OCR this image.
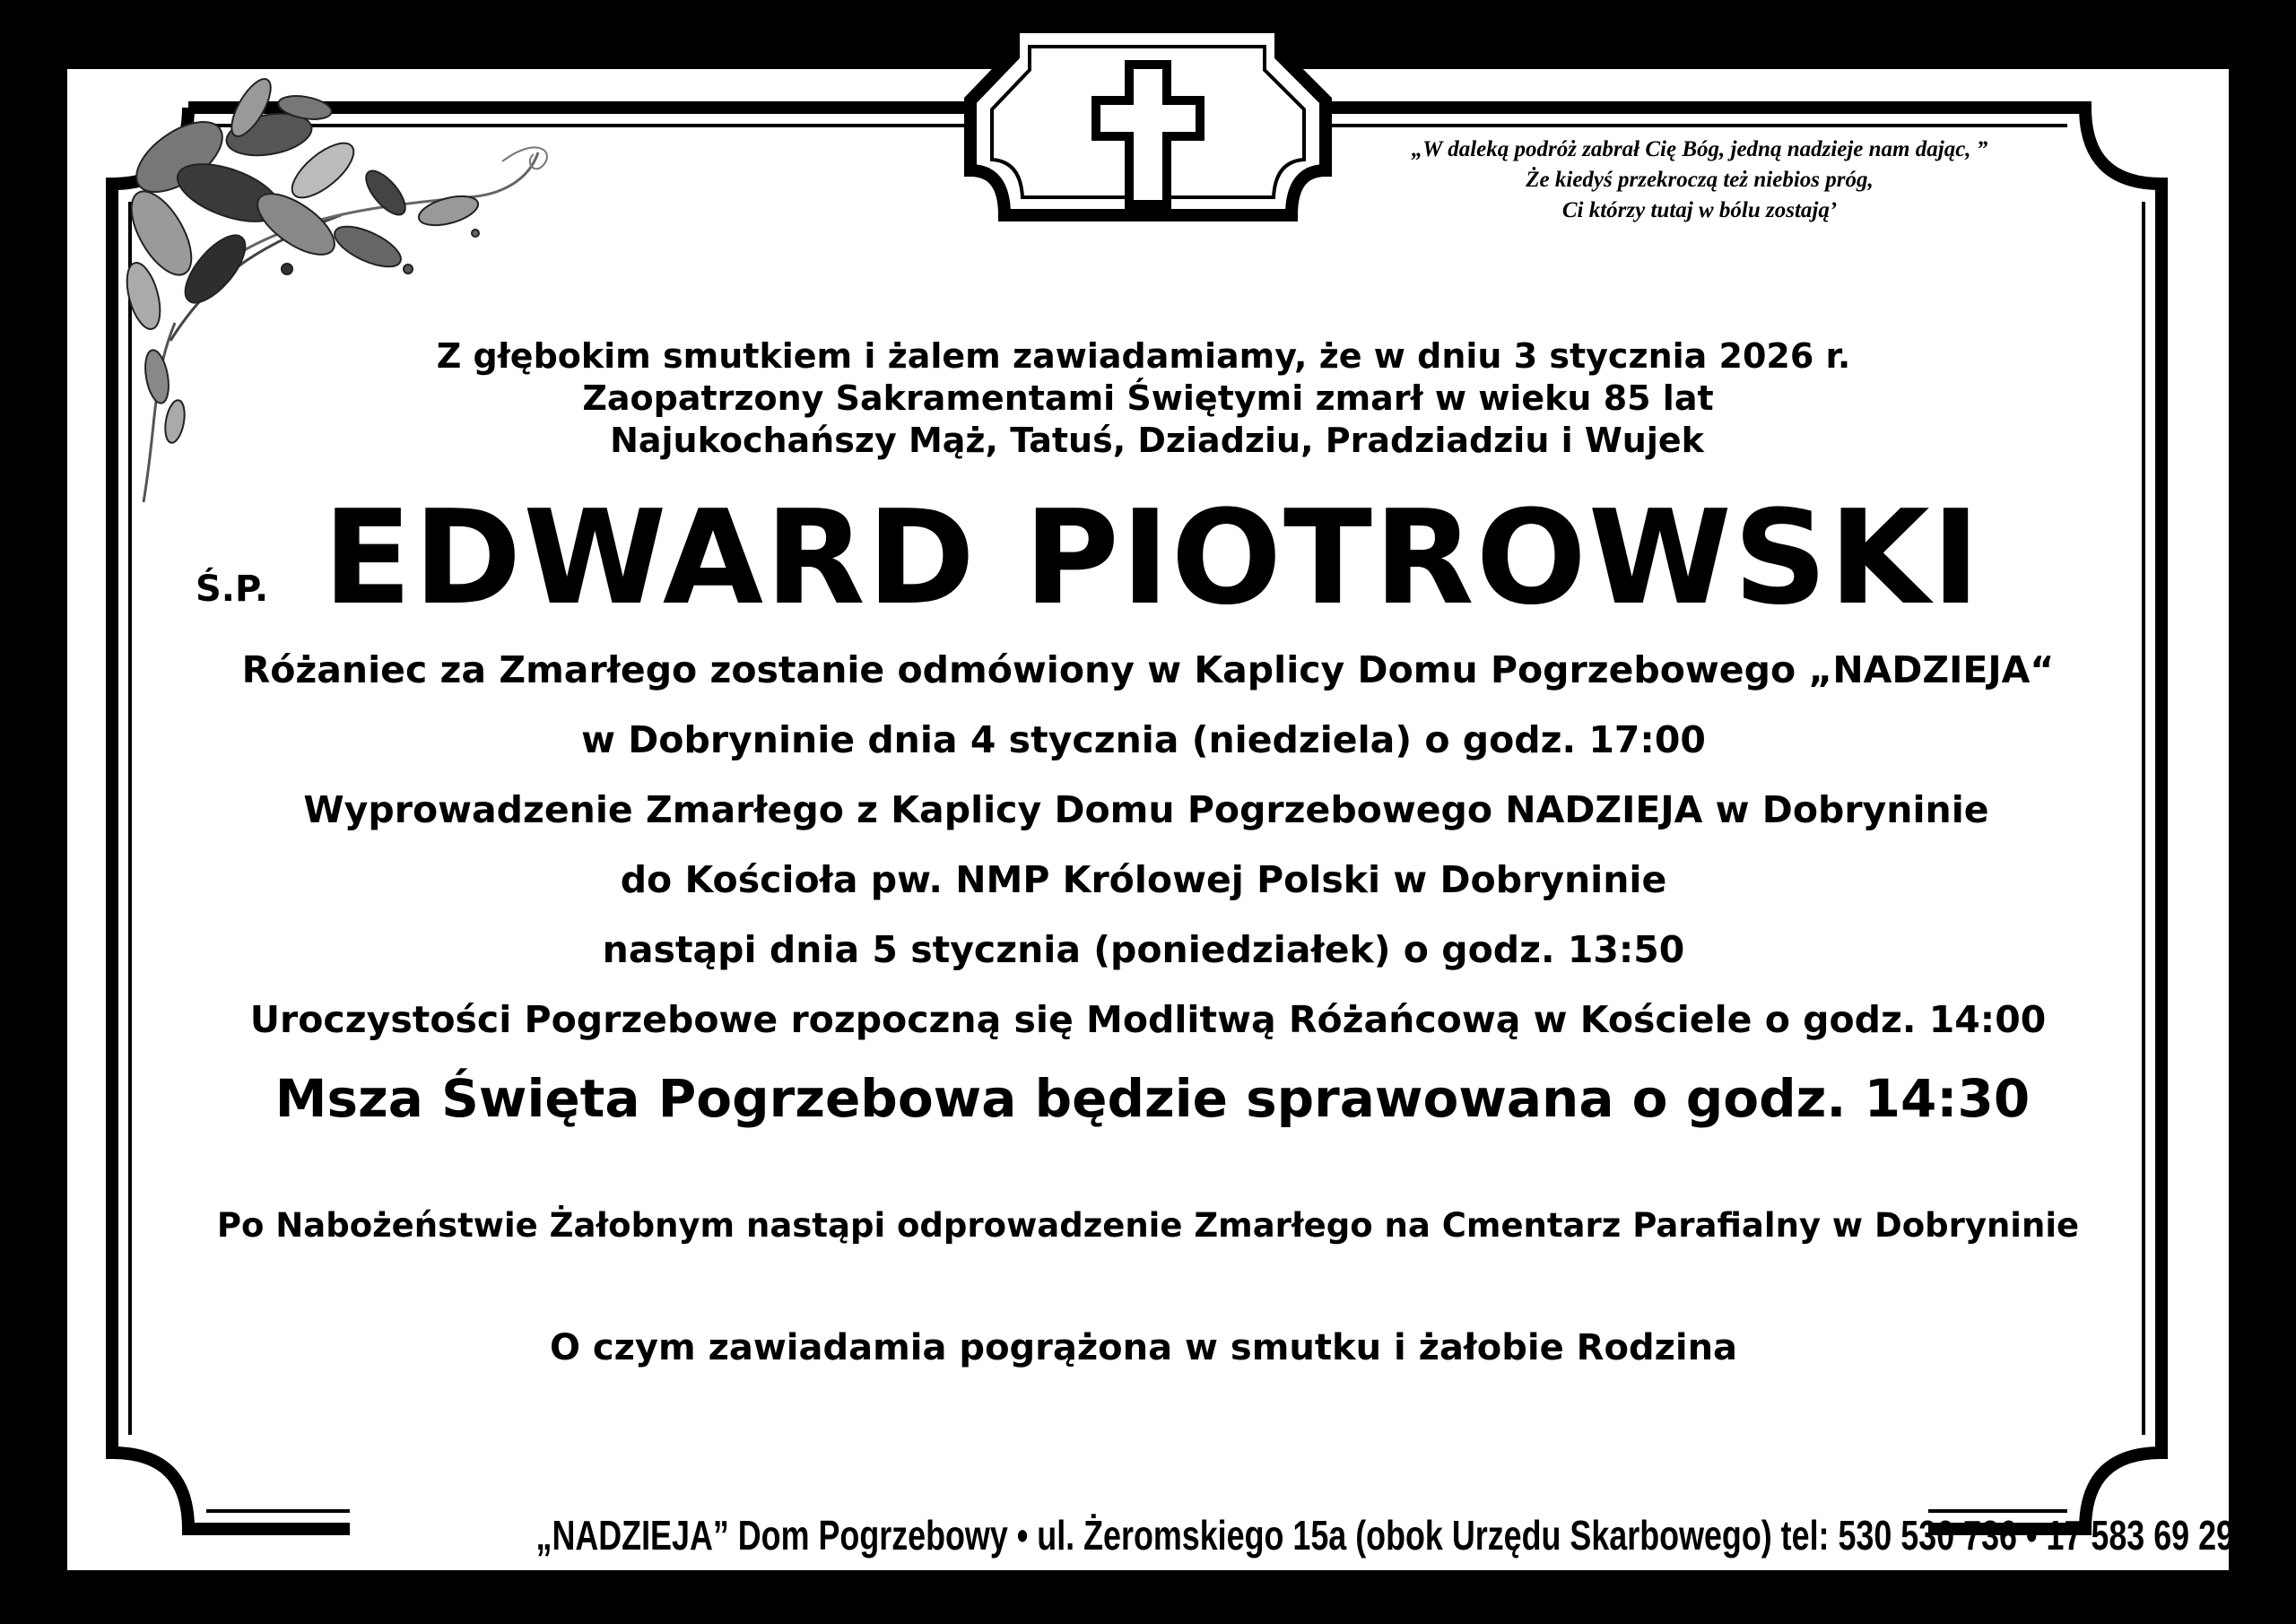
„W daleką podróż zabrał Cię Bóg, jedną nadzieje nam dając, ”
Że kiedyś przekroczą też niebios próg,
Ci którzy tutaj w bólu zostają’

Z głębokim smutkiem i żalem zawiadamiamy, że w dniu 3 stycznia 2026 r.

Zaopatrzony Sakramentami Świętymi zmarł w wieku 85 lat

Najukochańszy Mąż, Tatuś, Dziadziu, Pradziadziu i Wujek

Ś.P. EDWARD PIOTROWSKI

Różaniec za Zmarłego zostanie odmówiony w Kaplicy Domu Pogrzebowego „NADZIEJA“

w Dobryninie dnia 4 stycznia (niedziela) o godz. 17:00

Wyprowadzenie Zmarłego z Kaplicy Domu Pogrzebowego NADZIEJA w Dobryninie

do Kościoła pw. NMP Królowej Polski w Dobryninie

nastąpi dnia 5 stycznia (poniedziałek) o godz. 13:50

Uroczystości Pogrzebowe rozpoczną się Modlitwą Różańcową w Kościele o godz. 14:00

Msza Święta Pogrzebowa będzie sprawowana o godz. 14:30

Po Nabożeństwie Żałobnym nastąpi odprowadzenie Zmarłego na Cmentarz Parafialny w Dobryninie

O czym zawiadamia pogrążona w smutku i żałobie Rodzina

„NADZIEJA” Dom Pogrzebowy • ul. Żeromskiego 15a (obok Urzędu Skarbowego) tel: 530 530 736 • 17 583 69 29
